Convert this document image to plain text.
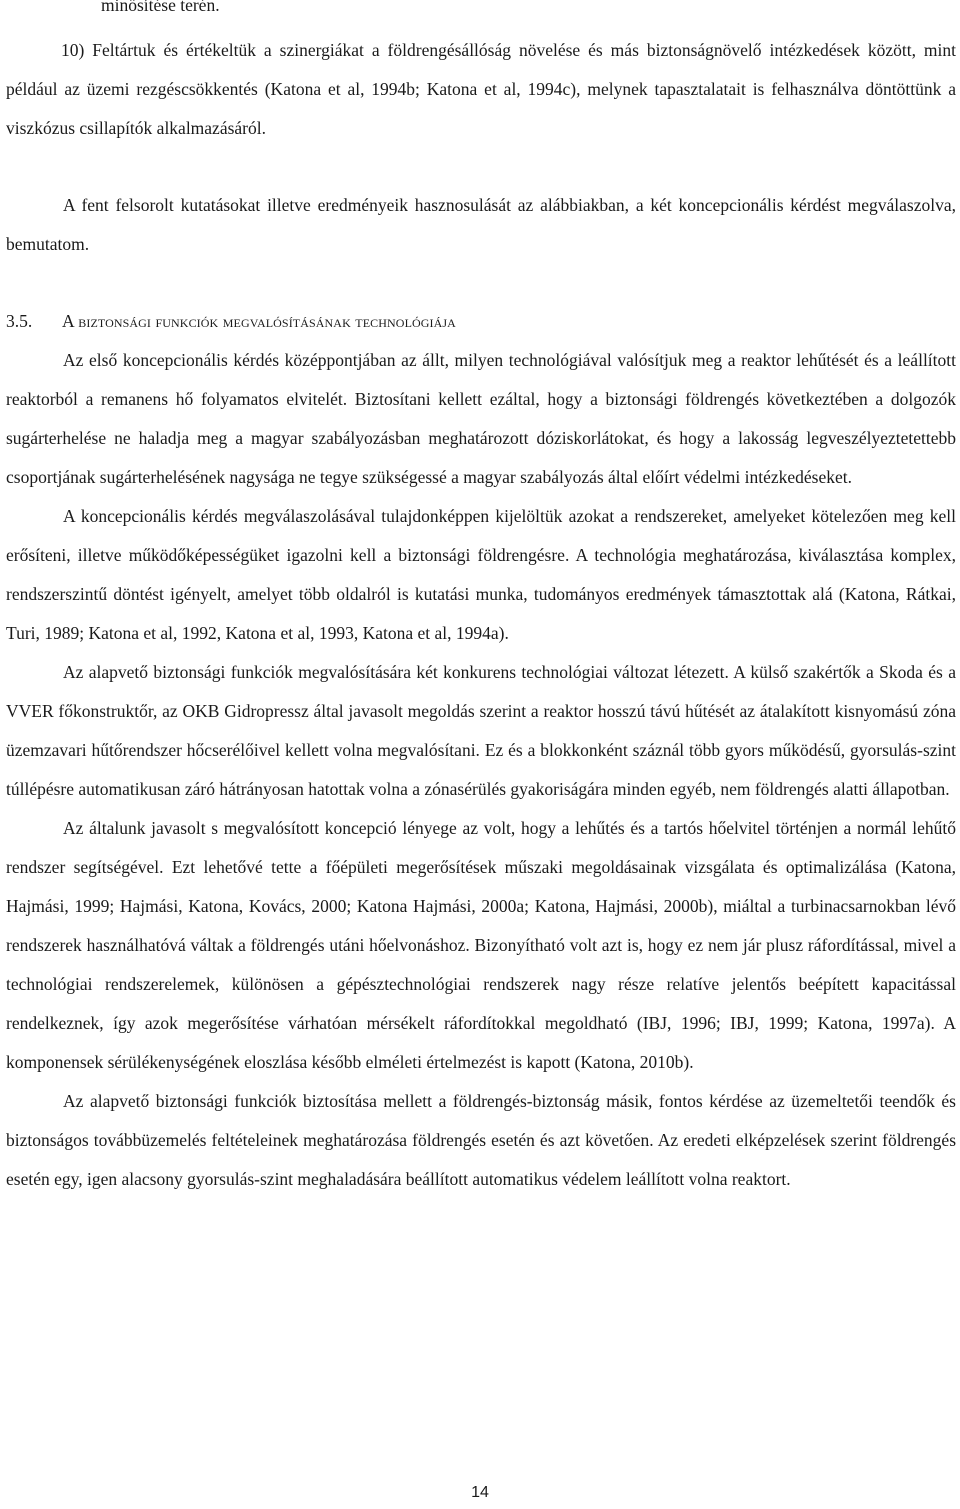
minősítése terén.

10) Feltártuk és értékeltük a szinergiákat a földrengésállóság növelése és más biztonságnövelő intézkedések között, mint például az üzemi rezgéscsökkentés (Katona et al, 1994b; Katona et al, 1994c), melynek tapasztalatait is felhasználva döntöttünk a viszkózus csillapítók alkalmazásáról.

A fent felsorolt kutatásokat illetve eredményeik hasznosulását az alábbiakban, a két koncepcionális kérdést megválaszolva, bemutatom.

3.5. A biztonsági funkciók megvalósításának technológiája

Az első koncepcionális kérdés középpontjában az állt, milyen technológiával valósítjuk meg a reaktor lehűtését és a leállított reaktorból a remanens hő folyamatos elvitelét. Biztosítani kellett ezáltal, hogy a biztonsági földrengés következtében a dolgozók sugárterhelése ne haladja meg a magyar szabályozásban meghatározott dóziskorlátokat, és hogy a lakosság legveszélyeztetettebb csoportjának sugárterhelésének nagysága ne tegye szükségessé a magyar szabályozás által előírt védelmi intézkedéseket.

A koncepcionális kérdés megválaszolásával tulajdonképpen kijelöltük azokat a rendszereket, amelyeket kötelezően meg kell erősíteni, illetve működőképességüket igazolni kell a biztonsági földrengésre. A technológia meghatározása, kiválasztása komplex, rendszerszintű döntést igényelt, amelyet több oldalról is kutatási munka, tudományos eredmények támasztottak alá (Katona, Rátkai, Turi, 1989; Katona et al, 1992, Katona et al, 1993, Katona et al, 1994a).

Az alapvető biztonsági funkciók megvalósítására két konkurens technológiai változat létezett. A külső szakértők a Skoda és a VVER főkonstruktőr, az OKB Gidropressz által javasolt megoldás szerint a reaktor hosszú távú hűtését az átalakított kisnyomású zóna üzemzavari hűtőrendszer hőcserélőivel kellett volna megvalósítani. Ez és a blokkonként száznál több gyors működésű, gyorsulás-szint túllépésre automatikusan záró hátrányosan hatottak volna a zónasérülés gyakoriságára minden egyéb, nem földrengés alatti állapotban.

Az általunk javasolt s megvalósított koncepció lényege az volt, hogy a lehűtés és a tartós hőelvitel történjen a normál lehűtő rendszer segítségével. Ezt lehetővé tette a főépületi megerősítések műszaki megoldásainak vizsgálata és optimalizálása (Katona, Hajmási, 1999; Hajmási, Katona, Kovács, 2000; Katona Hajmási, 2000a; Katona, Hajmási, 2000b), miáltal a turbinacsarnokban lévő rendszerek használhatóvá váltak a földrengés utáni hőelvonáshoz. Bizonyítható volt azt is, hogy ez nem jár plusz ráfordítással, mivel a technológiai rendszerelemek, különösen a gépésztechnológiai rendszerek nagy része relatíve jelentős beépített kapacitással rendelkeznek, így azok megerősítése várhatóan mérsékelt ráfordítokkal megoldható (IBJ, 1996; IBJ, 1999; Katona, 1997a). A komponensek sérülékenységének eloszlása később elméleti értelmezést is kapott (Katona, 2010b).

Az alapvető biztonsági funkciók biztosítása mellett a földrengés-biztonság másik, fontos kérdése az üzemeltetői teendők és biztonságos továbbüzemelés feltételeinek meghatározása földrengés esetén és azt követően. Az eredeti elképzelések szerint földrengés esetén egy, igen alacsony gyorsulás-szint meghaladására beállított automatikus védelem leállított volna reaktort.

14
